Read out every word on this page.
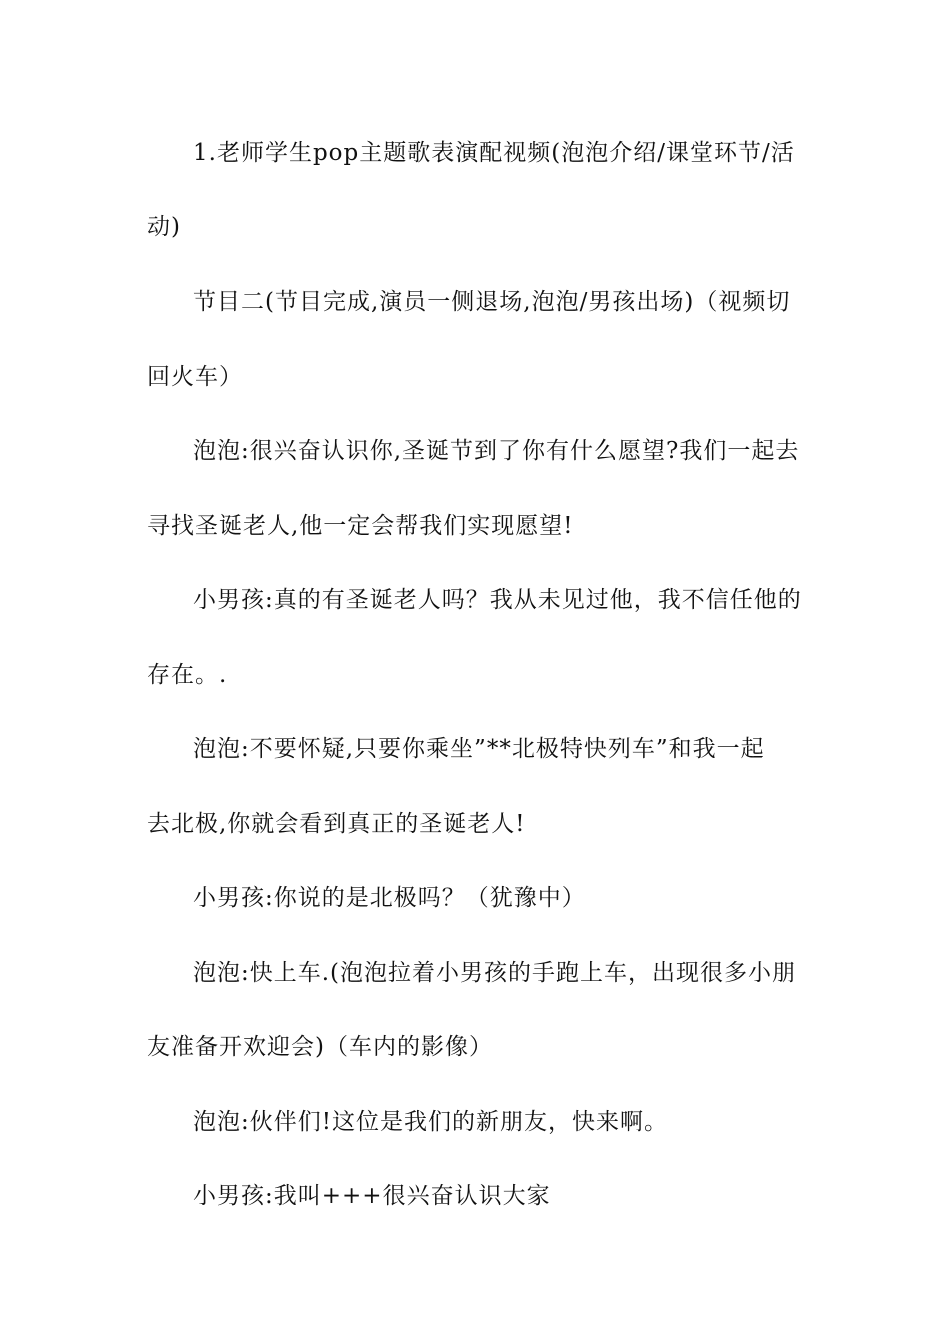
1.老师学生pop主题歌表演配视频(泡泡介绍/课堂环节/活
动)
节目二(节目完成,演员一侧退场,泡泡/男孩出场)（视频切
回火车）
泡泡:很兴奋认识你,圣诞节到了你有什么愿望?我们一起去
寻找圣诞老人,他一定会帮我们实现愿望!
小男孩:真的有圣诞老人吗？我从未见过他，我不信任他的
存在。.
泡泡:不要怀疑,只要你乘坐”**北极特快列车”和我一起
去北极,你就会看到真正的圣诞老人!
小男孩:你说的是北极吗？（犹豫中）
泡泡:快上车.(泡泡拉着小男孩的手跑上车，出现很多小朋
友准备开欢迎会)（车内的影像）
泡泡:伙伴们!这位是我们的新朋友，快来啊。
小男孩:我叫+++很兴奋认识大家
